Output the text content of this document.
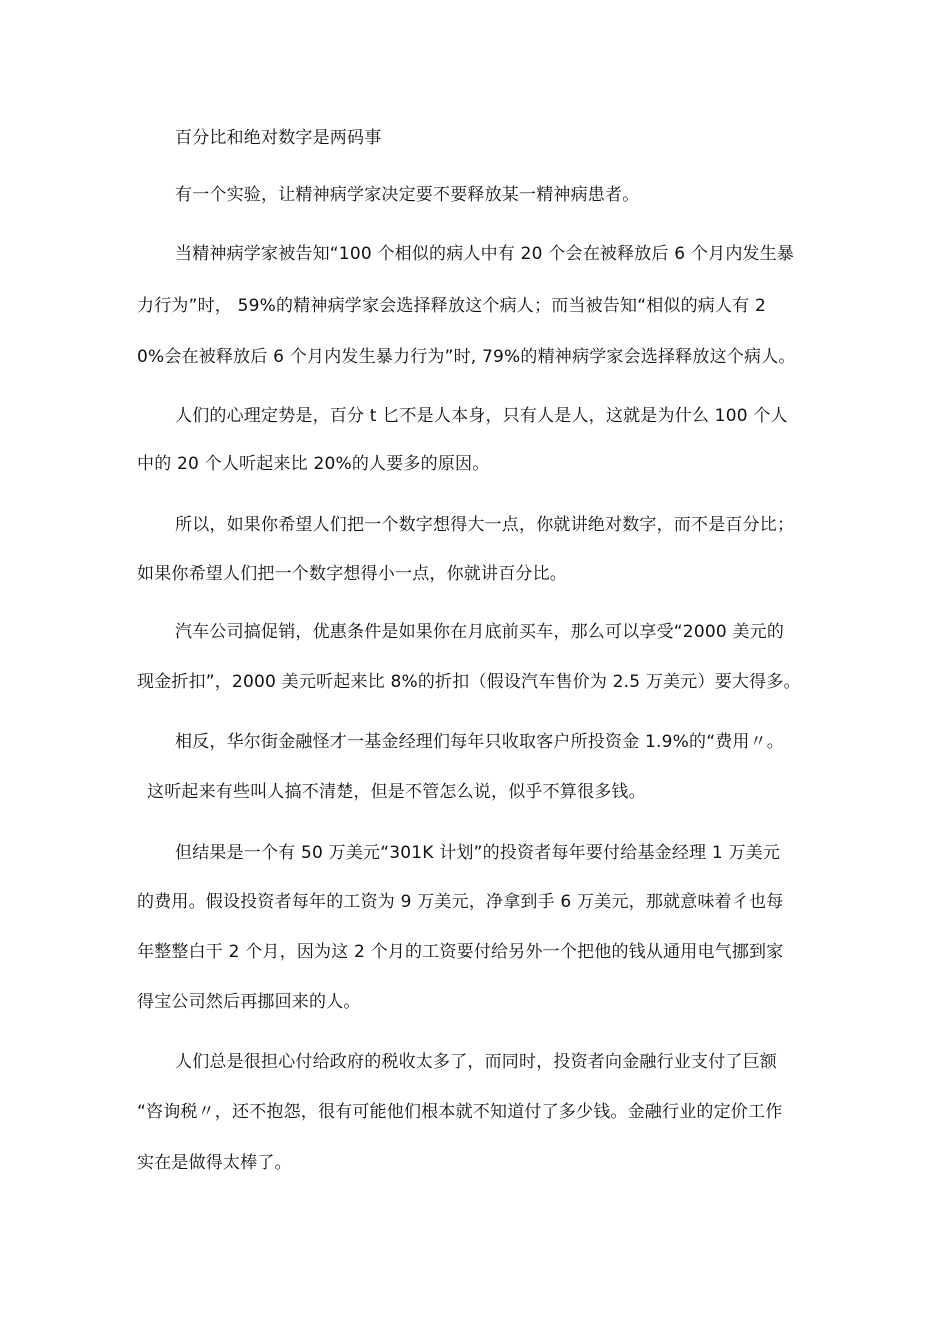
百分比和绝对数字是两码事
有一个实验，让精神病学家决定要不要释放某一精神病患者。
当精神病学家被告知“100 个相似的病人中有 20 个会在被释放后 6 个月内发生暴
力行为”时， 59%的精神病学家会选择释放这个病人；而当被告知“相似的病人有 2
0%会在被释放后 6 个月内发生暴力行为”时, 79%的精神病学家会选择释放这个病人。
人们的心理定势是，百分 t 匕不是人本身，只有人是人，这就是为什么 100 个人
中的 20 个人听起来比 20%的人要多的原因。
所以，如果你希望人们把一个数字想得大一点，你就讲绝对数字，而不是百分比；
如果你希望人们把一个数字想得小一点，你就讲百分比。
汽车公司搞促销，优惠条件是如果你在月底前买车，那么可以享受“2000 美元的
现金折扣”，2000 美元听起来比 8%的折扣（假设汽车售价为 2.5 万美元）要大得多。
相反，华尔街金融怪才一基金经理们每年只收取客户所投资金 1.9%的“费用〃。
这听起来有些叫人搞不清楚，但是不管怎么说，似乎不算很多钱。
但结果是一个有 50 万美元“301K 计划”的投资者每年要付给基金经理 1 万美元
的费用。假设投资者每年的工资为 9 万美元，净拿到手 6 万美元，那就意味着彳也每
年整整白干 2 个月，因为这 2 个月的工资要付给另外一个把他的钱从通用电气挪到家
得宝公司然后再挪回来的人。
人们总是很担心付给政府的税收太多了，而同时，投资者向金融行业支付了巨额
“咨询税〃，还不抱怨，很有可能他们根本就不知道付了多少钱。金融行业的定价工作
实在是做得太棒了。
